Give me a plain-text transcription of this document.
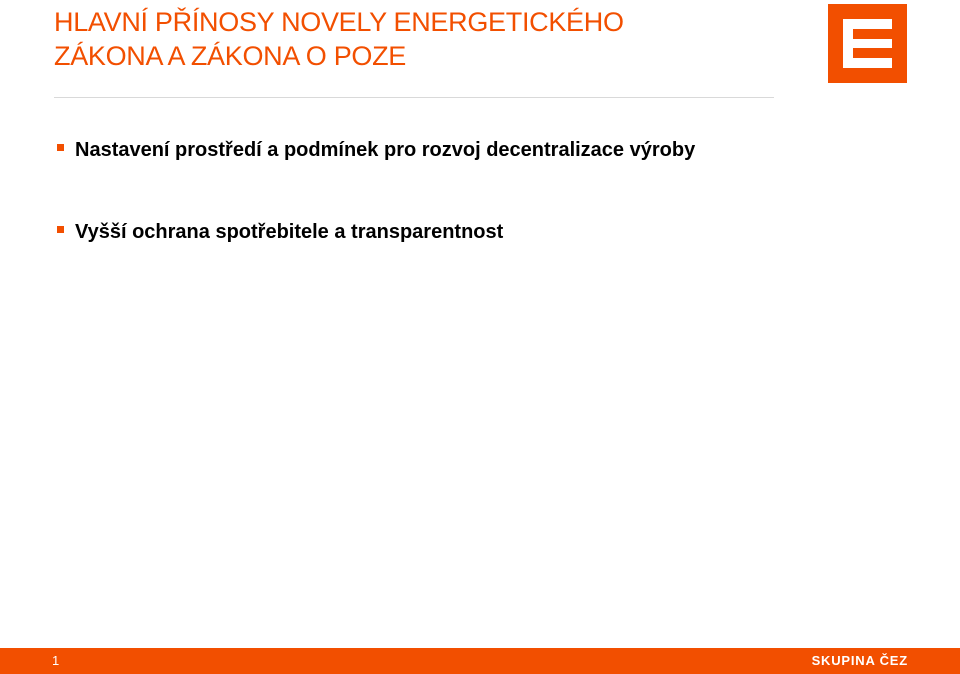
HLAVNÍ PŘÍNOSY NOVELY ENERGETICKÉHO
ZÁKONA A ZÁKONA O POZE
Nastavení prostředí a podmínek pro rozvoj decentralizace výroby
Vyšší ochrana spotřebitele a transparentnost
1	SKUPINA ČEZ
